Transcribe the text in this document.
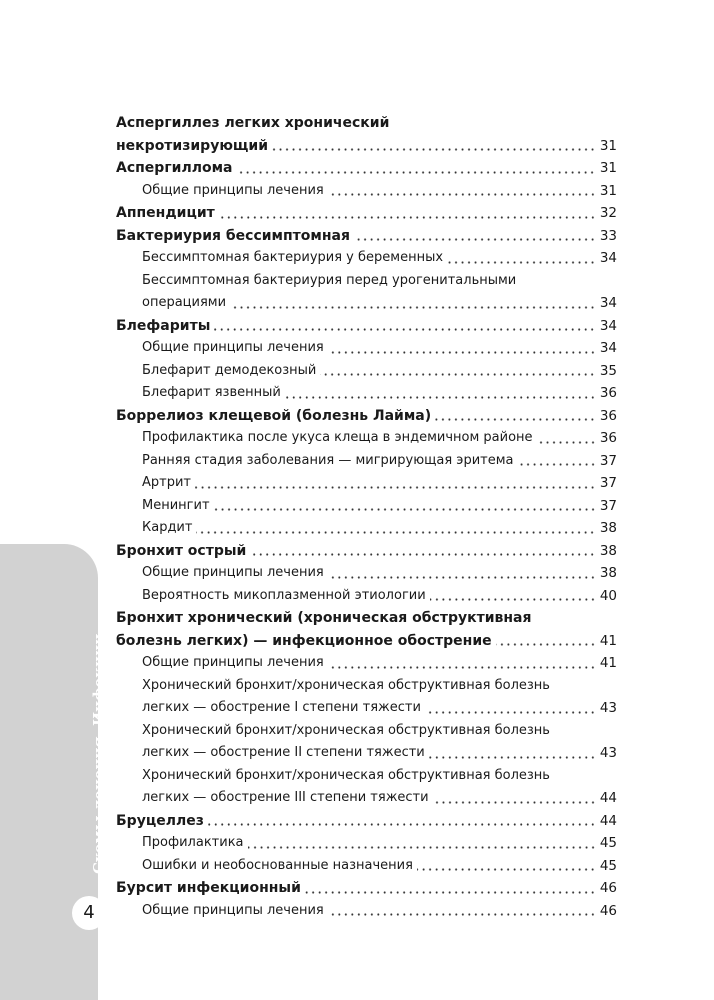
Схемы лечения. Инфекции
4
Аспергиллез легких хронический
некротизирующий	31
Аспергиллома	31
Общие принципы лечения	31
Аппендицит	32
Бактериурия бессимптомная	33
Бессимптомная бактериурия у беременных	34
Бессимптомная бактериурия перед урогенитальными
операциями	34
Блефариты	34
Общие принципы лечения	34
Блефарит демодекозный	35
Блефарит язвенный	36
Боррелиоз клещевой (болезнь Лайма)	36
Профилактика после укуса клеща в эндемичном районе	36
Ранняя стадия заболевания — мигрирующая эритема	37
Артрит	37
Менингит	37
Кардит	38
Бронхит острый	38
Общие принципы лечения	38
Вероятность микоплазменной этиологии	40
Бронхит хронический (хроническая обструктивная
болезнь легких) — инфекционное обострение	41
Общие принципы лечения	41
Хронический бронхит/хроническая обструктивная болезнь
легких — обострение I степени тяжести	43
Хронический бронхит/хроническая обструктивная болезнь
легких — обострение II степени тяжести	43
Хронический бронхит/хроническая обструктивная болезнь
легких — обострение III степени тяжести	44
Бруцеллез	44
Профилактика	45
Ошибки и необоснованные назначения	45
Бурсит инфекционный	46
Общие принципы лечения	46
